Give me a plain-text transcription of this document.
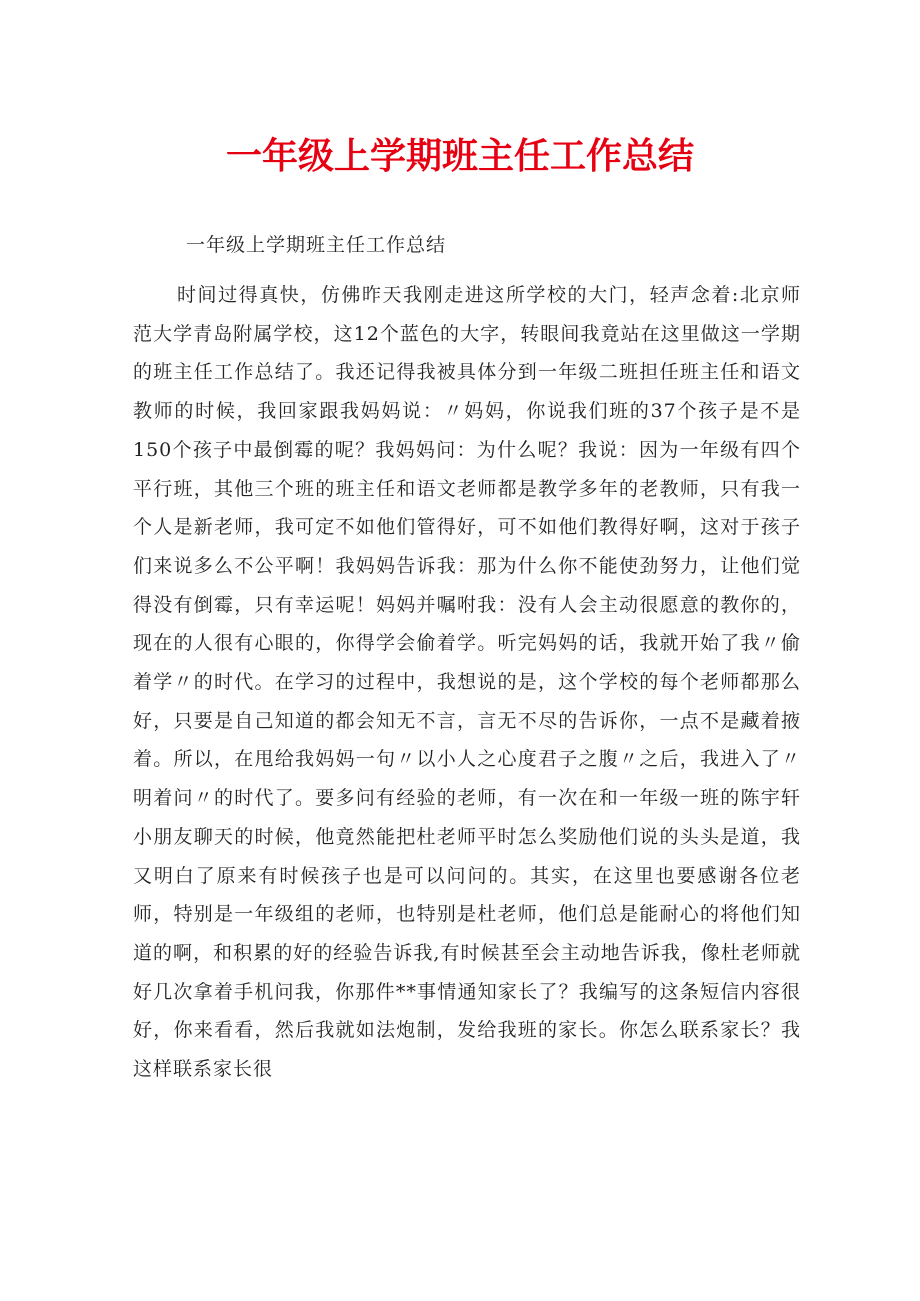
一年级上学期班主任工作总结

一年级上学期班主任工作总结

时间过得真快，仿佛昨天我刚走进这所学校的大门，轻声念着:北京师范大学青岛附属学校，这12个蓝色的大字，转眼间我竟站在这里做这一学期的班主任工作总结了。我还记得我被具体分到一年级二班担任班主任和语文教师的时候，我回家跟我妈妈说：〃妈妈，你说我们班的37个孩子是不是150个孩子中最倒霉的呢？我妈妈问：为什么呢？我说：因为一年级有四个平行班，其他三个班的班主任和语文老师都是教学多年的老教师，只有我一个人是新老师，我可定不如他们管得好，可不如他们教得好啊，这对于孩子们来说多么不公平啊！我妈妈告诉我：那为什么你不能使劲努力，让他们觉得没有倒霉，只有幸运呢！妈妈并嘱咐我：没有人会主动很愿意的教你的，现在的人很有心眼的，你得学会偷着学。听完妈妈的话，我就开始了我〃偷着学〃的时代。在学习的过程中，我想说的是，这个学校的每个老师都那么好，只要是自己知道的都会知无不言，言无不尽的告诉你，一点不是藏着掖着。所以，在甩给我妈妈一句〃以小人之心度君子之腹〃之后，我进入了〃明着问〃的时代了。要多问有经验的老师，有一次在和一年级一班的陈宇轩小朋友聊天的时候，他竟然能把杜老师平时怎么奖励他们说的头头是道，我又明白了原来有时候孩子也是可以问问的。其实，在这里也要感谢各位老师，特别是一年级组的老师，也特别是杜老师，他们总是能耐心的将他们知道的啊，和积累的好的经验告诉我,有时候甚至会主动地告诉我，像杜老师就好几次拿着手机问我，你那件**事情通知家长了？我编写的这条短信内容很好，你来看看，然后我就如法炮制，发给我班的家长。你怎么联系家长？我这样联系家长很
